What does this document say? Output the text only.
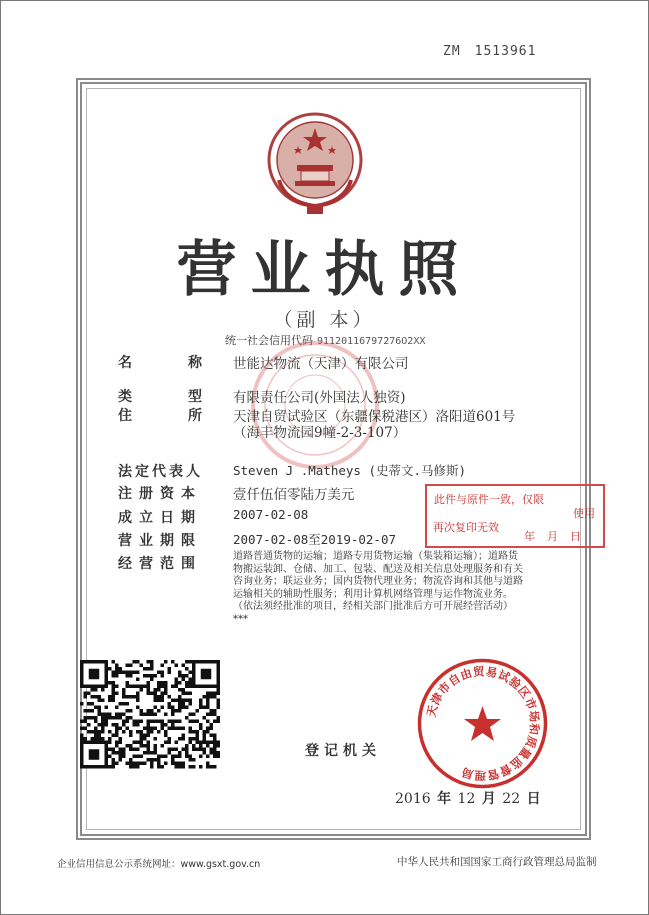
ZM 1513961
营业执照
（副 本）
统一社会信用代码 91120116797276O2XX
名　　　　称 世能达物流（天津）有限公司
类　　　　型 有限责任公司(外国法人独资)
住　　　　所 天津自贸试验区（东疆保税港区）洛阳道601号
（海丰物流园9幢-2-3-107）
法定代表人 Steven J .Matheys (史蒂文.马修斯)
注册资本 壹仟伍佰零陆万美元
成立日期 2007-02-08
营业期限 2007-02-08至2019-02-07
经营范围	道路普通货物的运输；道路专用货物运输（集装箱运输）；道路货物搬运装卸、仓储、加工、包装、配送及相关信息处理服务和有关咨询业务；联运业务；国内货物代理业务；物流咨询和其他与道路运输相关的辅助性服务；利用计算机网络管理与运作物流业务。（依法须经批准的项目，经相关部门批准后方可开展经营活动）***
此件与原件一致，仅限
使用
再次复印无效
年月日
登记机关
天津市自由贸易试验区市场和质量监督管理局
2016 年 12 月 22 日
企业信用信息公示系统网址：www.gsxt.gov.cn	中华人民共和国国家工商行政管理总局监制
